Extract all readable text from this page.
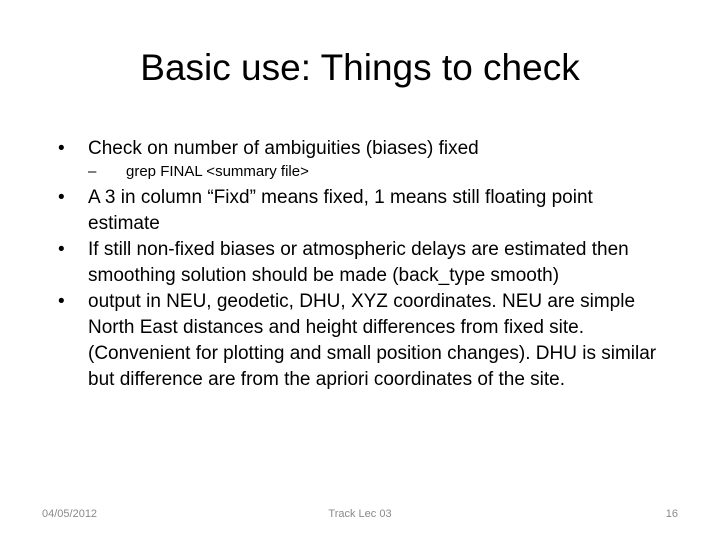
Basic use: Things to check
•	Check on number of ambiguities (biases) fixed
–	grep FINAL <summary file>
•	A 3 in column “Fixd” means fixed, 1 means still floating point estimate
•	If still non-fixed biases or atmospheric delays are estimated then smoothing solution should be made (back_type smooth)
•	output in NEU, geodetic, DHU, XYZ coordinates. NEU are simple North East distances and height differences from fixed site. (Convenient for plotting and small position changes). DHU is similar but difference are from the apriori coordinates of the site.
04/05/2012	Track Lec 03	16
